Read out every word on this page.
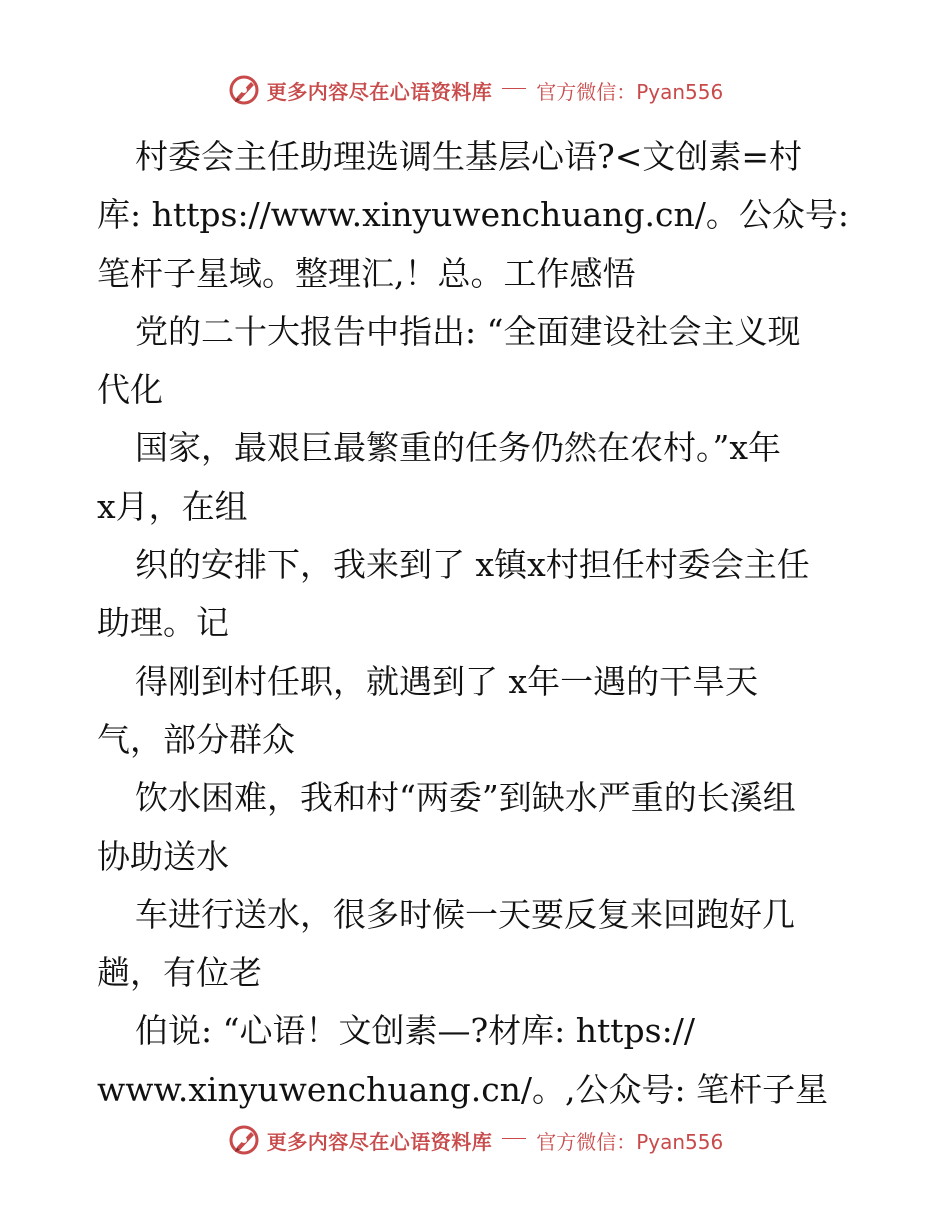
更多内容尽在心语资料库 官方微信：Pyan556
村委会主任助理选调生基层心语?<文创素=村
库: https://www.xinyuwenchuang.cn/。公众号:
笔杆子星域。整理汇,！总。工作感悟
党的二十大报告中指出: “全面建设社会主义现
代化
国家，最艰巨最繁重的任务仍然在农村。”x年
x月，在组
织的安排下，我来到了 x镇x村担任村委会主任
助理。记
得刚到村任职，就遇到了 x年一遇的干旱天
气，部分群众
饮水困难，我和村“两委”到缺水严重的长溪组
协助送水
车进行送水，很多时候一天要反复来回跑好几
趟，有位老
伯说: “心语！文创素—?材库: https://
www.xinyuwenchuang.cn/。,公众号: 笔杆子星
更多内容尽在心语资料库 官方微信：Pyan556
